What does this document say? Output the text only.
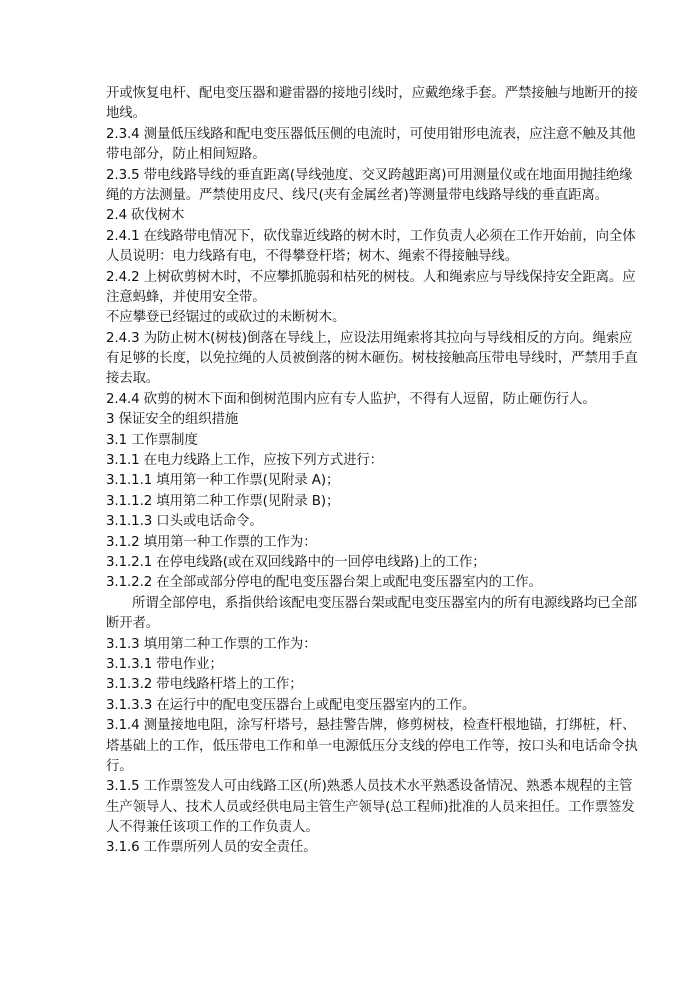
开或恢复电杆、配电变压器和避雷器的接地引线时，应戴绝缘手套。严禁接触与地断开的接
地线。
2.3.4 测量低压线路和配电变压器低压侧的电流时，可使用钳形电流表，应注意不触及其他
带电部分，防止相间短路。
2.3.5 带电线路导线的垂直距离(导线弛度、交叉跨越距离)可用测量仪或在地面用抛挂绝缘
绳的方法测量。严禁使用皮尺、线尺(夹有金属丝者)等测量带电线路导线的垂直距离。
2.4 砍伐树木
2.4.1 在线路带电情况下，砍伐靠近线路的树木时，工作负责人必须在工作开始前，向全体
人员说明：电力线路有电，不得攀登杆塔；树木、绳索不得接触导线。
2.4.2 上树砍剪树木时，不应攀抓脆弱和枯死的树枝。人和绳索应与导线保持安全距离。应
注意蚂蜂，并使用安全带。
不应攀登已经锯过的或砍过的未断树木。
2.4.3 为防止树木(树枝)倒落在导线上，应设法用绳索将其拉向与导线相反的方向。绳索应
有足够的长度，以免拉绳的人员被倒落的树木砸伤。树枝接触高压带电导线时，严禁用手直
接去取。
2.4.4 砍剪的树木下面和倒树范围内应有专人监护，不得有人逗留，防止砸伤行人。
3 保证安全的组织措施
3.1 工作票制度
3.1.1 在电力线路上工作，应按下列方式进行：
3.1.1.1 填用第一种工作票(见附录 A)；
3.1.1.2 填用第二种工作票(见附录 B)；
3.1.1.3 口头或电话命令。
3.1.2 填用第一种工作票的工作为：
3.1.2.1 在停电线路(或在双回线路中的一回停电线路)上的工作；
3.1.2.2 在全部或部分停电的配电变压器台架上或配电变压器室内的工作。
所谓全部停电，系指供给该配电变压器台架或配电变压器室内的所有电源线路均已全部
断开者。
3.1.3 填用第二种工作票的工作为：
3.1.3.1 带电作业；
3.1.3.2 带电线路杆塔上的工作；
3.1.3.3 在运行中的配电变压器台上或配电变压器室内的工作。
3.1.4 测量接地电阻，涂写杆塔号，悬挂警告牌，修剪树枝，检查杆根地锚，打绑桩，杆、
塔基础上的工作，低压带电工作和单一电源低压分支线的停电工作等，按口头和电话命令执
行。
3.1.5 工作票签发人可由线路工区(所)熟悉人员技术水平熟悉设备情况、熟悉本规程的主管
生产领导人、技术人员或经供电局主管生产领导(总工程师)批准的人员来担任。工作票签发
人不得兼任该项工作的工作负责人。
3.1.6 工作票所列人员的安全责任。
